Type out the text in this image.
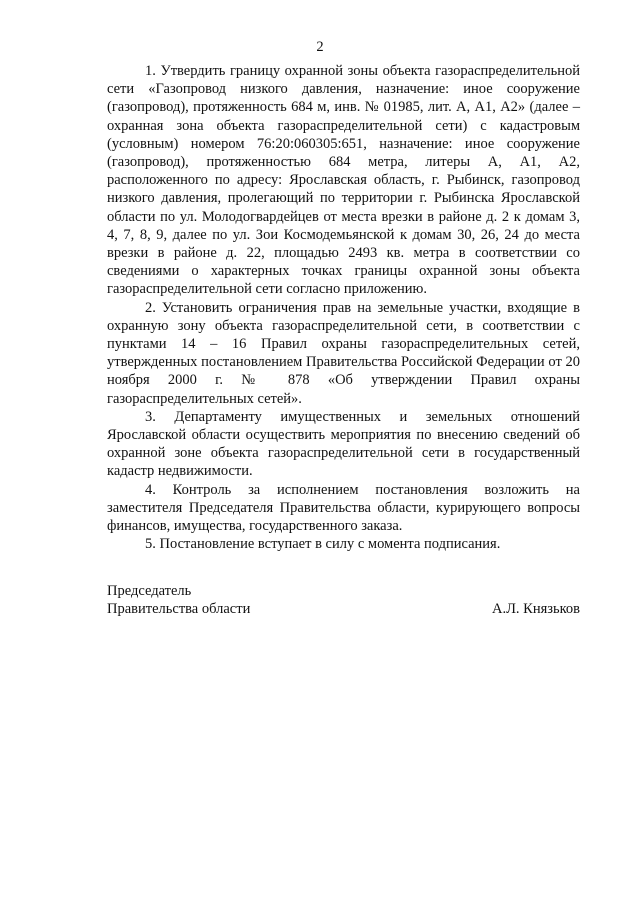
2

1. Утвердить границу охранной зоны объекта газораспределительной сети «Газопровод низкого давления, назначение: иное сооружение (газопровод), протяженность 684 м, инв. № 01985, лит. А, А1, А2» (далее – охранная зона объекта газораспределительной сети) с кадастровым (условным) номером 76:20:060305:651, назначение: иное сооружение (газопровод), протяженностью 684 метра, литеры А, А1, А2, расположенного по адресу: Ярославская область, г. Рыбинск, газопровод низкого давления, пролегающий по территории г. Рыбинска Ярославской области по ул. Молодогвардейцев от места врезки в районе д. 2 к домам 3, 4, 7, 8, 9, далее по ул. Зои Космодемьянской к домам 30, 26, 24 до места врезки в районе д. 22, площадью 2493 кв. метра в соответствии со сведениями о характерных точках границы охранной зоны объекта газораспределительной сети согласно приложению.

2. Установить ограничения прав на земельные участки, входящие в охранную зону объекта газораспределительной сети, в соответствии с пунктами 14 – 16 Правил охраны газораспределительных сетей, утвержденных постановлением Правительства Российской Федерации от 20 ноября 2000 г. № 878 «Об утверждении Правил охраны газораспределительных сетей».

3. Департаменту имущественных и земельных отношений Ярославской области осуществить мероприятия по внесению сведений об охранной зоне объекта газораспределительной сети в государственный кадастр недвижимости.

4. Контроль за исполнением постановления возложить на заместителя Председателя Правительства области, курирующего вопросы финансов, имущества, государственного заказа.

5. Постановление вступает в силу с момента подписания.

Председатель
Правительства области	А.Л. Князьков
